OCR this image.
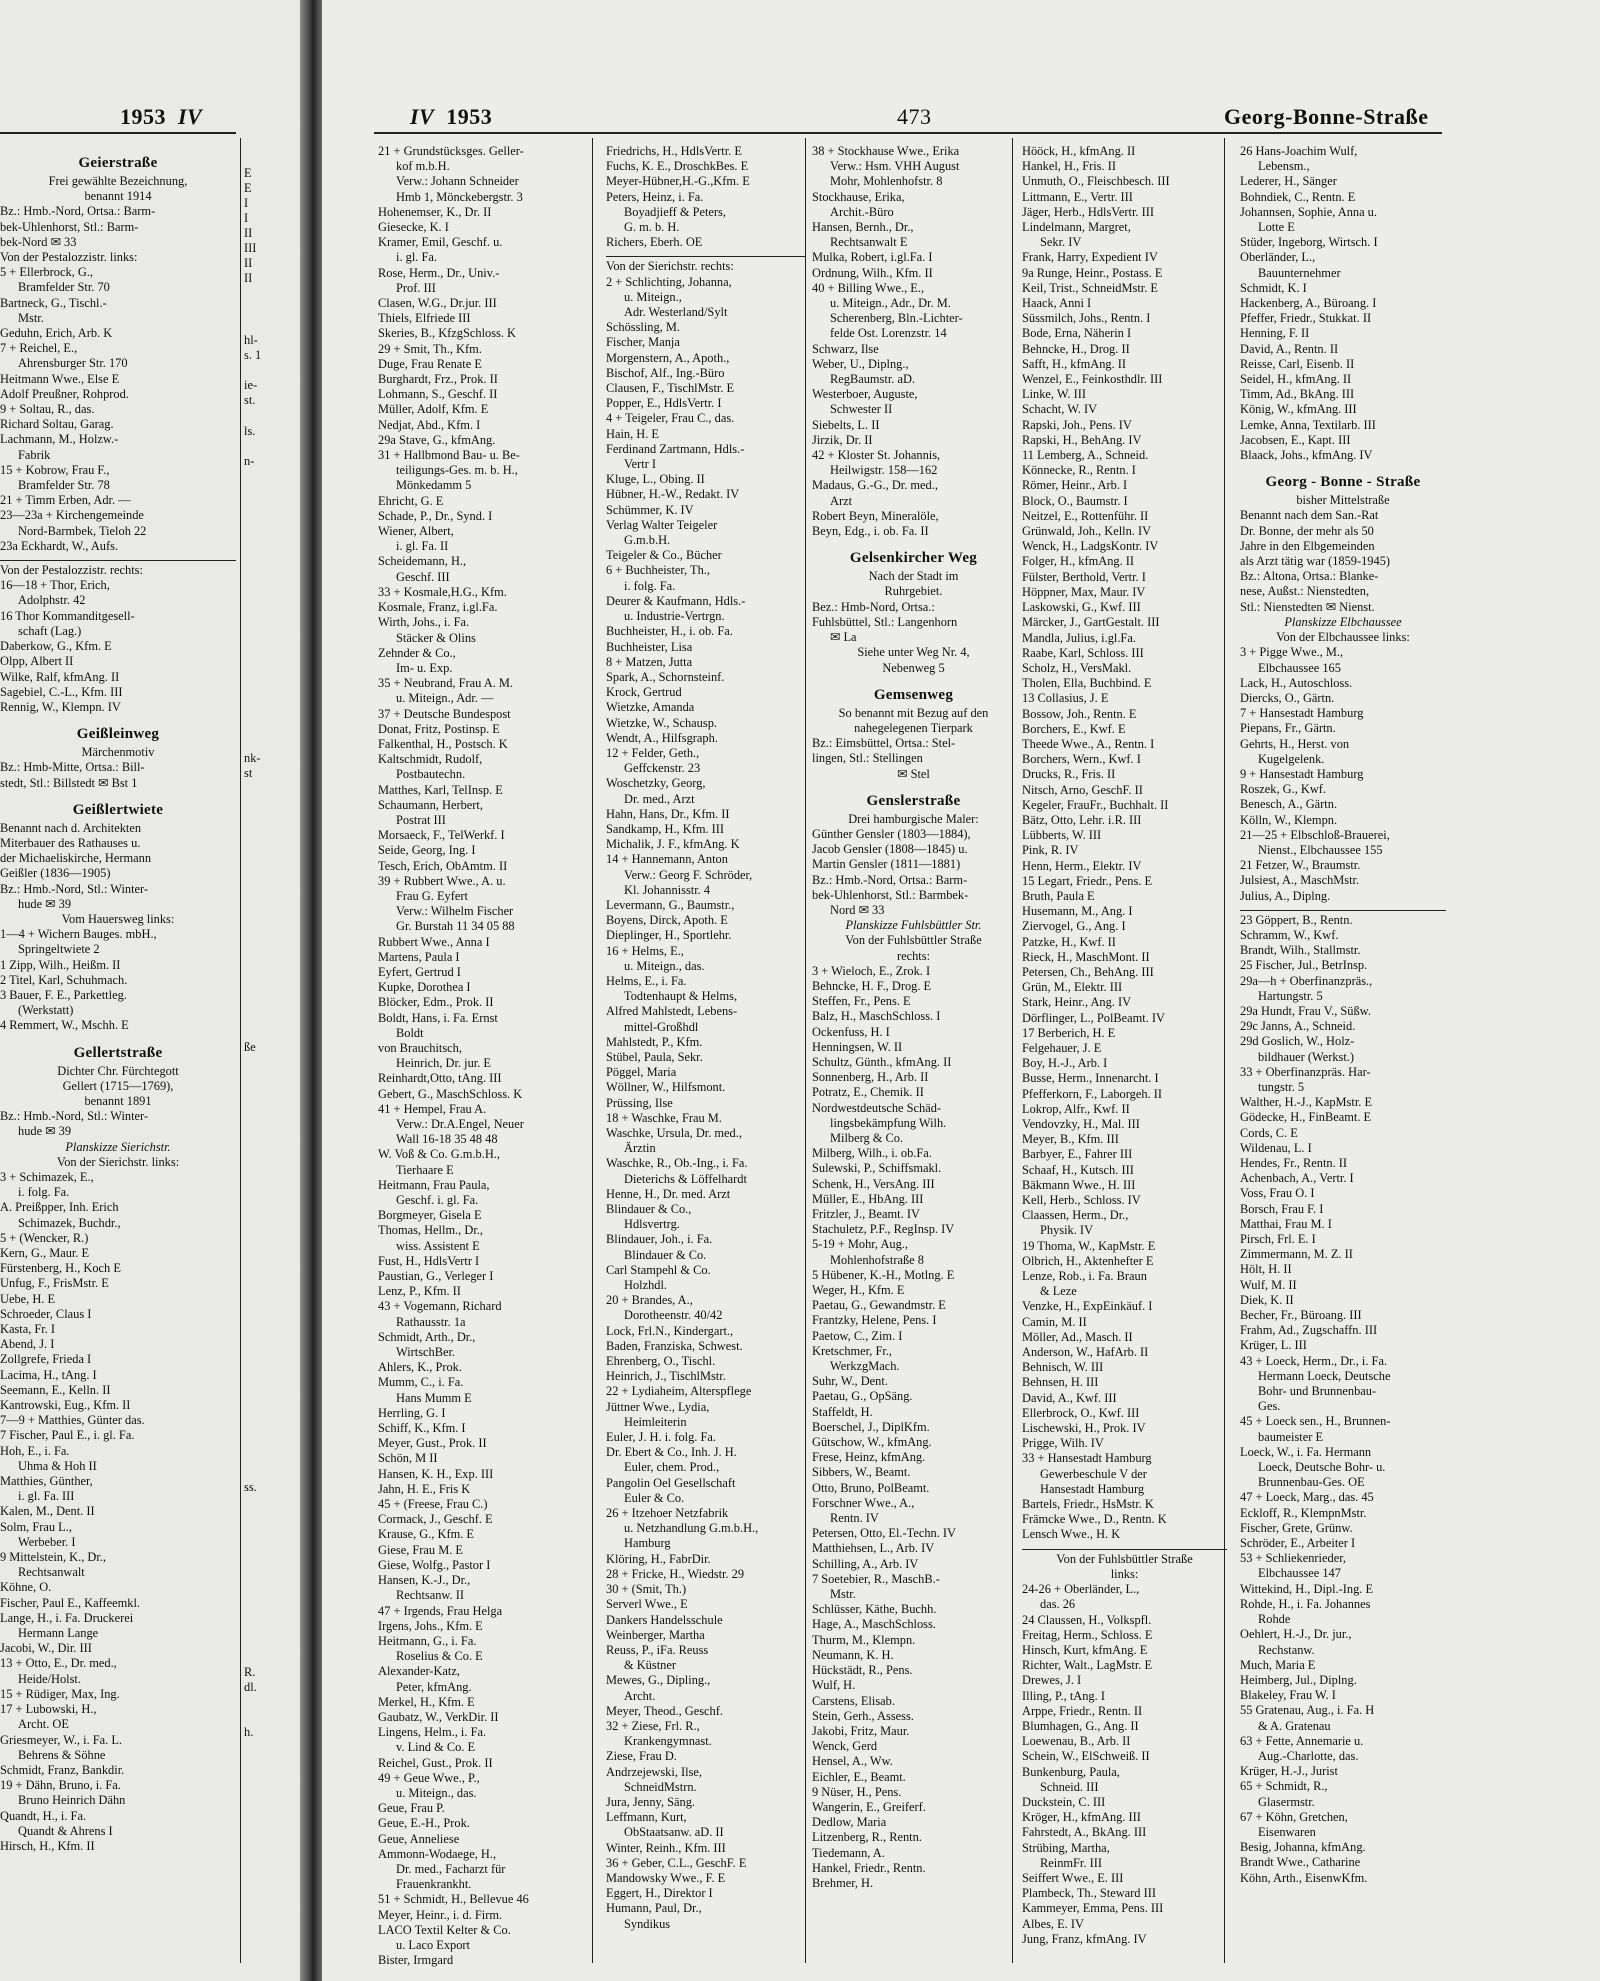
1953 IV
Geierstraße
Frei gewählte Bezeichnung,
benannt 1914
Bz.: Hmb.-Nord, Ortsa.: Barm-
bek-Uhlenhorst, Stl.: Barm-
bek-Nord ✉ 33
Von der Pestalozzistr. links:
5 + Ellerbrock, G.,
Bramfelder Str. 70
Bartneck, G., Tischl.-
Mstr.
Geduhn, Erich, Arb. K
7 + Reichel, E.,
Ahrensburger Str. 170
Heitmann Wwe., Else E
Adolf Preußner, Rohprod.
9 + Soltau, R., das.
Richard Soltau, Garag.
Lachmann, M., Holzw.-
Fabrik
15 + Kobrow, Frau F.,
Bramfelder Str. 78
21 + Timm Erben, Adr. —
23—23a + Kirchengemeinde
Nord-Barmbek, Tieloh 22
23a Eckhardt, W., Aufs.
Von der Pestalozzistr. rechts:
16—18 + Thor, Erich,
Adolphstr. 42
16 Thor Kommanditgesell-
schaft (Lag.)
Daberkow, G., Kfm. E
Olpp, Albert II
Wilke, Ralf, kfmAng. II
Sagebiel, C.-L., Kfm. III
Rennig, W., Klempn. IV
Geißleinweg
Märchenmotiv
Bz.: Hmb-Mitte, Ortsa.: Bill-
stedt, Stl.: Billstedt ✉ Bst 1
Geißlertwiete
Benannt nach d. Architekten
Miterbauer des Rathauses u.
der Michaeliskirche, Hermann
Geißler (1836—1905)
Bz.: Hmb.-Nord, Stl.: Winter-
hude ✉ 39
Vom Hauersweg links:
1—4 + Wichern Bauges. mbH.,
Springeltwiete 2
1 Zipp, Wilh., Heißm. II
2 Titel, Karl, Schuhmach.
3 Bauer, F. E., Parkettleg.
(Werkstatt)
4 Remmert, W., Mschh. E
Gellertstraße
Dichter Chr. Fürchtegott
Gellert (1715—1769),
benannt 1891
Bz.: Hmb.-Nord, Stl.: Winter-
hude ✉ 39
Planskizze Sierichstr.
Von der Sierichstr. links:
3 + Schimazek, E.,
i. folg. Fa.
A. Preißpper, Inh. Erich
Schimazek, Buchdr.,
5 + (Wencker, R.)
Kern, G., Maur. E
Fürstenberg, H., Koch E
Unfug, F., FrisMstr. E
Uebe, H. E
Schroeder, Claus I
Kasta, Fr. I
Abend, J. I
Zollgrefe, Frieda I
Lacima, H., tAng. I
Seemann, E., Kelln. II
Kantrowski, Eug., Kfm. II
7—9 + Matthies, Günter das.
7 Fischer, Paul E., i. gl. Fa.
Hoh, E., i. Fa.
Uhma & Hoh II
Matthies, Günther,
i. gl. Fa. III
Kalen, M., Dent. II
Solm, Frau L.,
Werbeber. I
9 Mittelstein, K., Dr.,
Rechtsanwalt
Köhne, O.
Fischer, Paul E., Kaffeemkl.
Lange, H., i. Fa. Druckerei
Hermann Lange
Jacobi, W., Dir. III
13 + Otto, E., Dr. med.,
Heide/Holst.
15 + Rüdiger, Max, Ing.
17 + Lubowski, H.,
Archt. OE
Griesmeyer, W., i. Fa. L.
Behrens & Söhne
Schmidt, Franz, Bankdir.
19 + Dähn, Bruno, i. Fa.
Bruno Heinrich Dähn
Quandt, H., i. Fa.
Quandt & Ahrens I
Hirsch, H., Kfm. II
E
E
I
I
II
III
II
II
hl-
s. 1
ie-
st.
ls.
n-
nk-
st
ße
ss.
R.
dl.
h.
IV 1953	473	Georg-Bonne-Straße
21 + Grundstücksges. Geller-
kof m.b.H.
Verw.: Johann Schneider
Hmb 1, Mönckebergstr. 3
Hohenemser, K., Dr. II
Giesecke, K. I
Kramer, Emil, Geschf. u.
i. gl. Fa.
Rose, Herm., Dr., Univ.-
Prof. III
Clasen, W.G., Dr.jur. III
Thiels, Elfriede III
Skeries, B., KfzgSchloss. K
29 + Smit, Th., Kfm.
Duge, Frau Renate E
Burghardt, Frz., Prok. II
Lohmann, S., Geschf. II
Müller, Adolf, Kfm. E
Nedjat, Abd., Kfm. I
29a Stave, G., kfmAng.
31 + Hallbmond Bau- u. Be-
teiligungs-Ges. m. b. H.,
Mönkedamm 5
Ehricht, G. E
Schade, P., Dr., Synd. I
Wiener, Albert,
i. gl. Fa. II
Scheidemann, H.,
Geschf. III
33 + Kosmale,H.G., Kfm.
Kosmale, Franz, i.gl.Fa.
Wirth, Johs., i. Fa.
Stäcker & Olins
Zehnder & Co.,
Im- u. Exp.
35 + Neubrand, Frau A. M.
u. Miteign., Adr. —
37 + Deutsche Bundespost
Donat, Fritz, Postinsp. E
Falkenthal, H., Postsch. K
Kaltschmidt, Rudolf,
Postbautechn.
Matthes, Karl, TelInsp. E
Schaumann, Herbert,
Postrat III
Morsaeck, F., TelWerkf. I
Seide, Georg, Ing. I
Tesch, Erich, ObAmtm. II
39 + Rubbert Wwe., A. u.
Frau G. Eyfert
Verw.: Wilhelm Fischer
Gr. Burstah 11 34 05 88
Rubbert Wwe., Anna I
Martens, Paula I
Eyfert, Gertrud I
Kupke, Dorothea I
Blöcker, Edm., Prok. II
Boldt, Hans, i. Fa. Ernst
Boldt
von Brauchitsch,
Heinrich, Dr. jur. E
Reinhardt,Otto, tAng. III
Gebert, G., MaschSchloss. K
41 + Hempel, Frau A.
Verw.: Dr.A.Engel, Neuer
Wall 16-18 35 48 48
W. Voß & Co. G.m.b.H.,
Tierhaare E
Heitmann, Frau Paula,
Geschf. i. gl. Fa.
Borgmeyer, Gisela E
Thomas, Hellm., Dr.,
wiss. Assistent E
Fust, H., HdlsVertr I
Paustian, G., Verleger I
Lenz, P., Kfm. II
43 + Vogemann, Richard
Rathausstr. 1a
Schmidt, Arth., Dr.,
WirtschBer.
Ahlers, K., Prok.
Mumm, C., i. Fa.
Hans Mumm E
Herrling, G. I
Schiff, K., Kfm. I
Meyer, Gust., Prok. II
Schön, M II
Hansen, K. H., Exp. III
Jahn, H. E., Fris K
45 + (Freese, Frau C.)
Cormack, J., Geschf. E
Krause, G., Kfm. E
Giese, Frau M. E
Giese, Wolfg., Pastor I
Hansen, K.-J., Dr.,
Rechtsanw. II
47 + Irgends, Frau Helga
Irgens, Johs., Kfm. E
Heitmann, G., i. Fa.
Roselius & Co. E
Alexander-Katz,
Peter, kfmAng.
Merkel, H., Kfm. E
Gaubatz, W., VerkDir. II
Lingens, Helm., i. Fa.
v. Lind & Co. E
Reichel, Gust., Prok. II
49 + Geue Wwe., P.,
u. Miteign., das.
Geue, Frau P.
Geue, E.-H., Prok.
Geue, Anneliese
Ammonn-Wodaege, H.,
Dr. med., Facharzt für
Frauenkrankht.
51 + Schmidt, H., Bellevue 46
Meyer, Heinr., i. d. Firm.
LACO Textil Kelter & Co.
u. Laco Export
Bister, Irmgard
Friedrichs, H., HdlsVertr. E
Fuchs, K. E., DroschkBes. E
Meyer-Hübner,H.-G.,Kfm. E
Peters, Heinz, i. Fa.
Boyadjieff & Peters,
G. m. b. H.
Richers, Eberh. OE
Von der Sierichstr. rechts:
2 + Schlichting, Johanna,
u. Miteign.,
Adr. Westerland/Sylt
Schössling, M.
Fischer, Manja
Morgenstern, A., Apoth.,
Bischof, Alf., Ing.-Büro
Clausen, F., TischlMstr. E
Popper, E., HdlsVertr. I
4 + Teigeler, Frau C., das.
Hain, H. E
Ferdinand Zartmann, Hdls.-
Vertr I
Kluge, L., Obing. II
Hübner, H.-W., Redakt. IV
Schümmer, K. IV
Verlag Walter Teigeler
G.m.b.H.
Teigeler & Co., Bücher
6 + Buchheister, Th.,
i. folg. Fa.
Deurer & Kaufmann, Hdls.-
u. Industrie-Vertrgn.
Buchheister, H., i. ob. Fa.
Buchheister, Lisa
8 + Matzen, Jutta
Spark, A., Schornsteinf.
Krock, Gertrud
Wietzke, Amanda
Wietzke, W., Schausp.
Wendt, A., Hilfsgraph.
12 + Felder, Geth.,
Geffckenstr. 23
Woschetzky, Georg,
Dr. med., Arzt
Hahn, Hans, Dr., Kfm. II
Sandkamp, H., Kfm. III
Michalik, J. F., kfmAng. K
14 + Hannemann, Anton
Verw.: Georg F. Schröder,
Kl. Johannisstr. 4
Levermann, G., Baumstr.,
Boyens, Dirck, Apoth. E
Dieplinger, H., Sportlehr.
16 + Helms, E.,
u. Miteign., das.
Helms, E., i. Fa.
Todtenhaupt & Helms,
Alfred Mahlstedt, Lebens-
mittel-Großhdl
Mahlstedt, P., Kfm.
Stübel, Paula, Sekr.
Pöggel, Maria
Wöllner, W., Hilfsmont.
Prüssing, Ilse
18 + Waschke, Frau M.
Waschke, Ursula, Dr. med.,
Ärztin
Waschke, R., Ob.-Ing., i. Fa.
Dieterichs & Löffelhardt
Henne, H., Dr. med. Arzt
Blindauer & Co.,
Hdlsvertrg.
Blindauer, Joh., i. Fa.
Blindauer & Co.
Carl Stampehl & Co.
Holzhdl.
20 + Brandes, A.,
Dorotheenstr. 40/42
Lock, Frl.N., Kindergart.,
Baden, Franziska, Schwest.
Ehrenberg, O., Tischl.
Heinrich, J., TischlMstr.
22 + Lydiaheim, Alterspflege
Jüttner Wwe., Lydia,
Heimleiterin
Euler, J. H. i. folg. Fa.
Dr. Ebert & Co., Inh. J. H.
Euler, chem. Prod.,
Pangolin Oel Gesellschaft
Euler & Co.
26 + Itzehoer Netzfabrik
u. Netzhandlung G.m.b.H.,
Hamburg
Klöring, H., FabrDir.
28 + Fricke, H., Wiedstr. 29
30 + (Smit, Th.)
Serverl Wwe., E
Dankers Handelsschule
Weinberger, Martha
Reuss, P., iFa. Reuss
& Küstner
Mewes, G., Dipling.,
Archt.
Meyer, Theod., Geschf.
32 + Ziese, Frl. R.,
Krankengymnast.
Ziese, Frau D.
Andrzejewski, Ilse,
SchneidMstrn.
Jura, Jenny, Säng.
Leffmann, Kurt,
ObStaatsanw. aD. II
Winter, Reinh., Kfm. III
36 + Geber, C.L., GeschF. E
Mandowsky Wwe., F. E
Eggert, H., Direktor I
Humann, Paul, Dr.,
Syndikus
38 + Stockhause Wwe., Erika
Verw.: Hsm. VHH August
Mohr, Mohlenhofstr. 8
Stockhause, Erika,
Archit.-Büro
Hansen, Bernh., Dr.,
Rechtsanwalt E
Mulka, Robert, i.gl.Fa. I
Ordnung, Wilh., Kfm. II
40 + Billing Wwe., E.,
u. Miteign., Adr., Dr. M.
Scherenberg, Bln.-Lichter-
felde Ost. Lorenzstr. 14
Schwarz, Ilse
Weber, U., Diplng.,
RegBaumstr. aD.
Westerboer, Auguste,
Schwester II
Siebelts, L. II
Jirzik, Dr. II
42 + Kloster St. Johannis,
Heilwigstr. 158—162
Madaus, G.-G., Dr. med.,
Arzt
Robert Beyn, Mineralöle,
Beyn, Edg., i. ob. Fa. II
Gelsenkircher Weg
Nach der Stadt im
Ruhrgebiet.
Bez.: Hmb-Nord, Ortsa.:
Fuhlsbüttel, Stl.: Langenhorn
✉ La
Siehe unter Weg Nr. 4,
Nebenweg 5
Gemsenweg
So benannt mit Bezug auf den
nahegelegenen Tierpark
Bz.: Eimsbüttel, Ortsa.: Stel-
lingen, Stl.: Stellingen
✉ Stel
Genslerstraße
Drei hamburgische Maler:
Günther Gensler (1803—1884),
Jacob Gensler (1808—1845) u.
Martin Gensler (1811—1881)
Bz.: Hmb.-Nord, Ortsa.: Barm-
bek-Uhlenhorst, Stl.: Barmbek-
Nord ✉ 33
Planskizze Fuhlsbüttler Str.
Von der Fuhlsbüttler Straße
rechts:
3 + Wieloch, E., Zrok. I
Behncke, H. F., Drog. E
Steffen, Fr., Pens. E
Balz, H., MaschSchloss. I
Ockenfuss, H. I
Henningsen, W. II
Schultz, Günth., kfmAng. II
Sonnenberg, H., Arb. II
Potratz, E., Chemik. II
Nordwestdeutsche Schäd-
lingsbekämpfung Wilh.
Milberg & Co.
Milberg, Wilh., i. ob.Fa.
Sulewski, P., Schiffsmakl.
Schenk, H., VersAng. III
Müller, E., HbAng. III
Fritzler, J., Beamt. IV
Stachuletz, P.F., RegInsp. IV
5-19 + Mohr, Aug.,
Mohlenhofstraße 8
5 Hübener, K.-H., Motlng. E
Weger, H., Kfm. E
Paetau, G., Gewandmstr. E
Frantzky, Helene, Pens. I
Paetow, C., Zim. I
Kretschmer, Fr.,
WerkzgMach.
Suhr, W., Dent.
Paetau, G., OpSäng.
Staffeldt, H.
Boerschel, J., DiplKfm.
Gütschow, W., kfmAng.
Frese, Heinz, kfmAng.
Sibbers, W., Beamt.
Otto, Bruno, PolBeamt.
Forschner Wwe., A.,
Rentn. IV
Petersen, Otto, El.-Techn. IV
Matthiehsen, L., Arb. IV
Schilling, A., Arb. IV
7 Soetebier, R., MaschB.-
Mstr.
Schlüsser, Käthe, Buchh.
Hage, A., MaschSchloss.
Thurm, M., Klempn.
Neumann, K. H.
Hückstädt, R., Pens.
Wulf, H.
Carstens, Elisab.
Stein, Gerh., Assess.
Jakobi, Fritz, Maur.
Wenck, Gerd
Hensel, A., Ww.
Eichler, E., Beamt.
9 Nüser, H., Pens.
Wangerin, E., Greiferf.
Dedlow, Maria
Litzenberg, R., Rentn.
Tiedemann, A.
Hankel, Friedr., Rentn.
Brehmer, H.
Hööck, H., kfmAng. II
Hankel, H., Fris. II
Unmuth, O., Fleischbesch. III
Littmann, E., Vertr. III
Jäger, Herb., HdlsVertr. III
Lindelmann, Margret,
Sekr. IV
Frank, Harry, Expedient IV
9a Runge, Heinr., Postass. E
Keil, Trist., SchneidMstr. E
Haack, Anni I
Süssmilch, Johs., Rentn. I
Bode, Erna, Näherin I
Behncke, H., Drog. II
Safft, H., kfmAng. II
Wenzel, E., Feinkosthdlr. III
Linke, W. III
Schacht, W. IV
Rapski, Joh., Pens. IV
Rapski, H., BehAng. IV
11 Lemberg, A., Schneid.
Könnecke, R., Rentn. I
Römer, Heinr., Arb. I
Block, O., Baumstr. I
Neitzel, E., Rottenführ. II
Grünwald, Joh., Kelln. IV
Wenck, H., LadgsKontr. IV
Folger, H., kfmAng. II
Fülster, Berthold, Vertr. I
Höppner, Max, Maur. IV
Laskowski, G., Kwf. III
Märcker, J., GartGestalt. III
Mandla, Julius, i.gl.Fa.
Raabe, Karl, Schloss. III
Scholz, H., VersMakl.
Tholen, Ella, Buchbind. E
13 Collasius, J. E
Bossow, Joh., Rentn. E
Borchers, E., Kwf. E
Theede Wwe., A., Rentn. I
Borchers, Wern., Kwf. I
Drucks, R., Fris. II
Nitsch, Arno, GeschF. II
Kegeler, FrauFr., Buchhalt. II
Bätz, Otto, Lehr. i.R. III
Lübberts, W. III
Pink, R. IV
Henn, Herm., Elektr. IV
15 Legart, Friedr., Pens. E
Bruth, Paula E
Husemann, M., Ang. I
Ziervogel, G., Ang. I
Patzke, H., Kwf. II
Rieck, H., MaschMont. II
Petersen, Ch., BehAng. III
Grün, M., Elektr. III
Stark, Heinr., Ang. IV
Dörflinger, L., PolBeamt. IV
17 Berberich, H. E
Felgehauer, J. E
Boy, H.-J., Arb. I
Busse, Herm., Innenarcht. I
Pfefferkorn, F., Laborgeh. II
Lokrop, Alfr., Kwf. II
Vendovzky, H., Mal. III
Meyer, B., Kfm. III
Barbyer, E., Fahrer III
Schaaf, H., Kutsch. III
Bäkmann Wwe., H. III
Kell, Herb., Schloss. IV
Claassen, Herm., Dr.,
Physik. IV
19 Thoma, W., KapMstr. E
Olbrich, H., Aktenhefter E
Lenze, Rob., i. Fa. Braun
& Leze
Venzke, H., ExpEinkäuf. I
Camin, M. II
Möller, Ad., Masch. II
Anderson, W., HafArb. II
Behnisch, W. III
Behnsen, H. III
David, A., Kwf. III
Ellerbrock, O., Kwf. III
Lischewski, H., Prok. IV
Prigge, Wilh. IV
33 + Hansestadt Hamburg
Gewerbeschule V der
Hansestadt Hamburg
Bartels, Friedr., HsMstr. K
Främcke Wwe., D., Rentn. K
Lensch Wwe., H. K
Von der Fuhlsbüttler Straße
links:
24-26 + Oberländer, L.,
das. 26
24 Claussen, H., Volkspfl.
Freitag, Herm., Schloss. E
Hinsch, Kurt, kfmAng. E
Richter, Walt., LagMstr. E
Drewes, J. I
Illing, P., tAng. I
Arppe, Friedr., Rentn. II
Blumhagen, G., Ang. II
Loewenau, B., Arb. II
Schein, W., ElSchweiß. II
Bunkenburg, Paula,
Schneid. III
Duckstein, C. III
Kröger, H., kfmAng. III
Fahrstedt, A., BkAng. III
Strübing, Martha,
ReinmFr. III
Seiffert Wwe., E. III
Plambeck, Th., Steward III
Kammeyer, Emma, Pens. III
Albes, E. IV
Jung, Franz, kfmAng. IV
26 Hans-Joachim Wulf,
Lebensm.,
Lederer, H., Sänger
Bohndiek, C., Rentn. E
Johannsen, Sophie, Anna u.
Lotte E
Stüder, Ingeborg, Wirtsch. I
Oberländer, L.,
Bauunternehmer
Schmidt, K. I
Hackenberg, A., Büroang. I
Pfeffer, Friedr., Stukkat. II
Henning, F. II
David, A., Rentn. II
Reisse, Carl, Eisenb. II
Seidel, H., kfmAng. II
Timm, Ad., BkAng. III
König, W., kfmAng. III
Lemke, Anna, Textilarb. III
Jacobsen, E., Kapt. III
Blaack, Johs., kfmAng. IV
Georg - Bonne - Straße
bisher Mittelstraße
Benannt nach dem San.-Rat
Dr. Bonne, der mehr als 50
Jahre in den Elbgemeinden
als Arzt tätig war (1859-1945)
Bz.: Altona, Ortsa.: Blanke-
nese, Außst.: Nienstedten,
Stl.: Nienstedten ✉ Nienst.
Planskizze Elbchaussee
Von der Elbchaussee links:
3 + Pigge Wwe., M.,
Elbchaussee 165
Lack, H., Autoschloss.
Diercks, O., Gärtn.
7 + Hansestadt Hamburg
Piepans, Fr., Gärtn.
Gehrts, H., Herst. von
Kugelgelenk.
9 + Hansestadt Hamburg
Roszek, G., Kwf.
Benesch, A., Gärtn.
Kölln, W., Klempn.
21—25 + Elbschloß-Brauerei,
Nienst., Elbchaussee 155
21 Fetzer, W., Braumstr.
Julsiest, A., MaschMstr.
Julius, A., Diplng.
23 Göppert, B., Rentn.
Schramm, W., Kwf.
Brandt, Wilh., Stallmstr.
25 Fischer, Jul., BetrInsp.
29a—h + Oberfinanzpräs.,
Hartungstr. 5
29a Hundt, Frau V., Süßw.
29c Janns, A., Schneid.
29d Goslich, W., Holz-
bildhauer (Werkst.)
33 + Oberfinanzpräs. Har-
tungstr. 5
Walther, H.-J., KapMstr. E
Gödecke, H., FinBeamt. E
Cords, C. E
Wildenau, L. I
Hendes, Fr., Rentn. II
Achenbach, A., Vertr. I
Voss, Frau O. I
Borsch, Frau F. I
Matthai, Frau M. I
Pirsch, Frl. E. I
Zimmermann, M. Z. II
Hölt, H. II
Wulf, M. II
Diek, K. II
Becher, Fr., Büroang. III
Frahm, Ad., Zugschaffn. III
Krüger, L. III
43 + Loeck, Herm., Dr., i. Fa.
Hermann Loeck, Deutsche
Bohr- und Brunnenbau-
Ges.
45 + Loeck sen., H., Brunnen-
baumeister E
Loeck, W., i. Fa. Hermann
Loeck, Deutsche Bohr- u.
Brunnenbau-Ges. OE
47 + Loeck, Marg., das. 45
Eckloff, R., KlempnMstr.
Fischer, Grete, Grünw.
Schröder, E., Arbeiter I
53 + Schliekenrieder,
Elbchaussee 147
Wittekind, H., Dipl.-Ing. E
Rohde, H., i. Fa. Johannes
Rohde
Oehlert, H.-J., Dr. jur.,
Rechstanw.
Much, Maria E
Heimberg, Jul., Diplng.
Blakeley, Frau W. I
55 Gratenau, Aug., i. Fa. H
& A. Gratenau
63 + Fette, Annemarie u.
Aug.-Charlotte, das.
Krüger, H.-J., Jurist
65 + Schmidt, R.,
Glasermstr.
67 + Köhn, Gretchen,
Eisenwaren
Besig, Johanna, kfmAng.
Brandt Wwe., Catharine
Köhn, Arth., EisenwKfm.
